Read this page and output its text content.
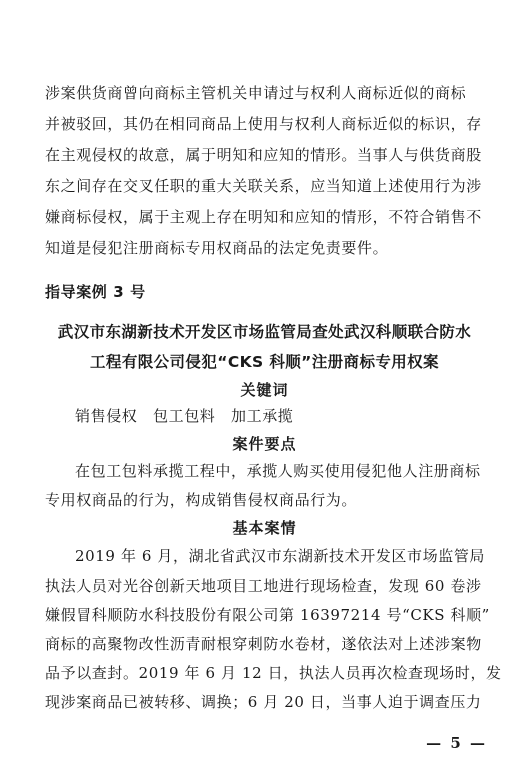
涉案供货商曾向商标主管机关申请过与权利人商标近似的商标
并被驳回，其仍在相同商品上使用与权利人商标近似的标识，存
在主观侵权的故意，属于明知和应知的情形。当事人与供货商股
东之间存在交叉任职的重大关联关系，应当知道上述使用行为涉
嫌商标侵权，属于主观上存在明知和应知的情形，不符合销售不
知道是侵犯注册商标专用权商品的法定免责要件。
指导案例 3 号
武汉市东湖新技术开发区市场监管局查处武汉科顺联合防水
工程有限公司侵犯“CKS 科顺”注册商标专用权案
关键词
销售侵权　包工包料　加工承揽
案件要点
在包工包料承揽工程中，承揽人购买使用侵犯他人注册商标
专用权商品的行为，构成销售侵权商品行为。
基本案情
2019 年 6 月，湖北省武汉市东湖新技术开发区市场监管局
执法人员对光谷创新天地项目工地进行现场检查，发现 60 卷涉
嫌假冒科顺防水科技股份有限公司第 16397214 号“CKS 科顺”
商标的高聚物改性沥青耐根穿刺防水卷材，遂依法对上述涉案物
品予以查封。2019 年 6 月 12 日，执法人员再次检查现场时，发
现涉案商品已被转移、调换；6 月 20 日，当事人迫于调查压力
— 5 —
